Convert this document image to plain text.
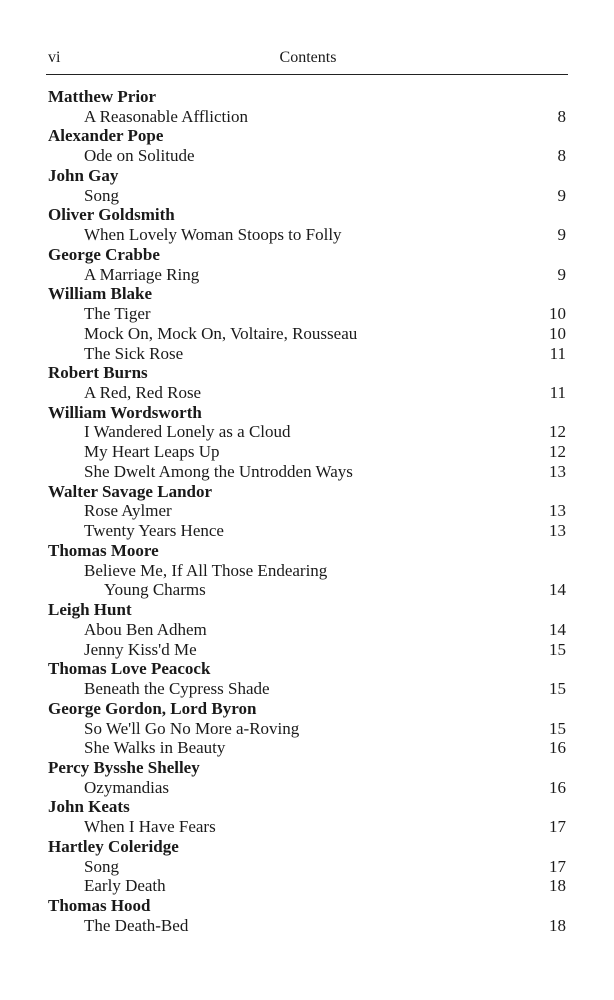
vi	Contents
Matthew Prior
A Reasonable Affliction	8
Alexander Pope
Ode on Solitude	8
John Gay
Song	9
Oliver Goldsmith
When Lovely Woman Stoops to Folly	9
George Crabbe
A Marriage Ring	9
William Blake
The Tiger	10
Mock On, Mock On, Voltaire, Rousseau	10
The Sick Rose	11
Robert Burns
A Red, Red Rose	11
William Wordsworth
I Wandered Lonely as a Cloud	12
My Heart Leaps Up	12
She Dwelt Among the Untrodden Ways	13
Walter Savage Landor
Rose Aylmer	13
Twenty Years Hence	13
Thomas Moore
Believe Me, If All Those Endearing
Young Charms	14
Leigh Hunt
Abou Ben Adhem	14
Jenny Kiss'd Me	15
Thomas Love Peacock
Beneath the Cypress Shade	15
George Gordon, Lord Byron
So We'll Go No More a-Roving	15
She Walks in Beauty	16
Percy Bysshe Shelley
Ozymandias	16
John Keats
When I Have Fears	17
Hartley Coleridge
Song	17
Early Death	18
Thomas Hood
The Death-Bed	18
